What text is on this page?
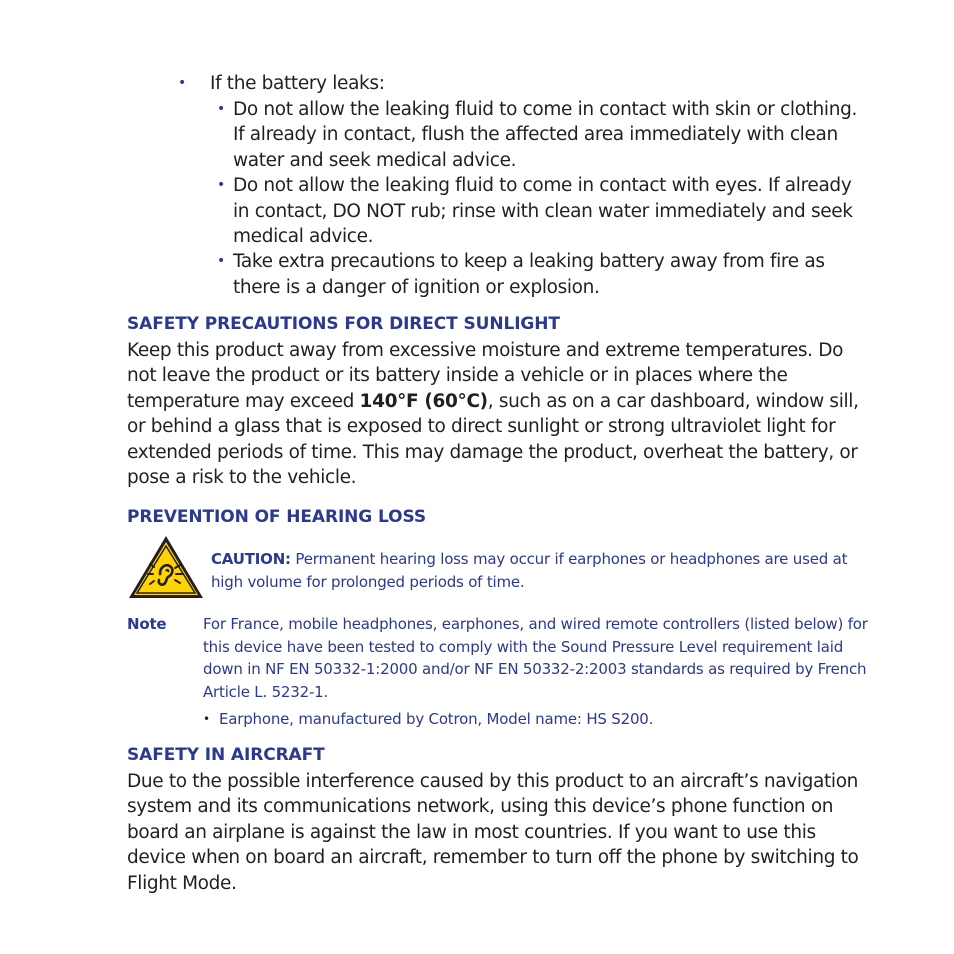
• If the battery leaks:
• Do not allow the leaking fluid to come in contact with skin or clothing. If already in contact, flush the affected area immediately with clean water and seek medical advice.
• Do not allow the leaking fluid to come in contact with eyes. If already in contact, DO NOT rub; rinse with clean water immediately and seek medical advice.
• Take extra precautions to keep a leaking battery away from fire as there is a danger of ignition or explosion.
SAFETY PRECAUTIONS FOR DIRECT SUNLIGHT
Keep this product away from excessive moisture and extreme temperatures. Do not leave the product or its battery inside a vehicle or in places where the temperature may exceed 140°F (60°C), such as on a car dashboard, window sill, or behind a glass that is exposed to direct sunlight or strong ultraviolet light for extended periods of time. This may damage the product, overheat the battery, or pose a risk to the vehicle.
PREVENTION OF HEARING LOSS
CAUTION: Permanent hearing loss may occur if earphones or headphones are used at high volume for prolonged periods of time.
Note For France, mobile headphones, earphones, and wired remote controllers (listed below) for this device have been tested to comply with the Sound Pressure Level requirement laid down in NF EN 50332-1:2000 and/or NF EN 50332-2:2003 standards as required by French Article L. 5232-1.
• Earphone, manufactured by Cotron, Model name: HS S200.
SAFETY IN AIRCRAFT
Due to the possible interference caused by this product to an aircraft’s navigation system and its communications network, using this device’s phone function on board an airplane is against the law in most countries. If you want to use this device when on board an aircraft, remember to turn off the phone by switching to Flight Mode.
